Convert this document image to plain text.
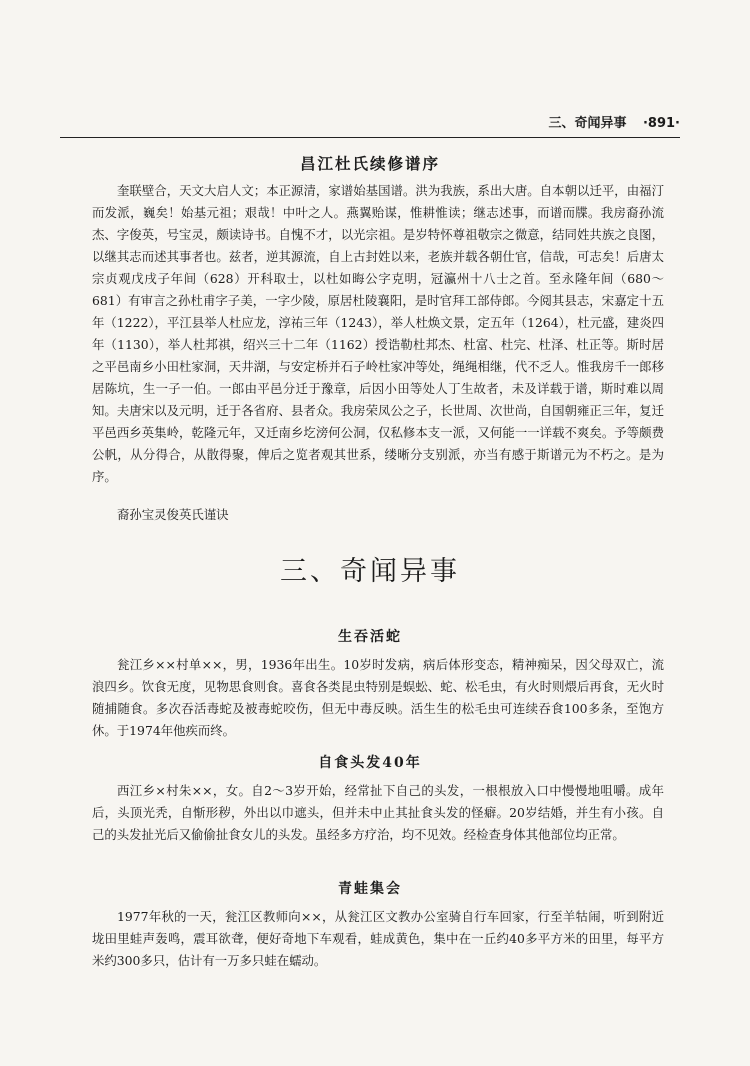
三、奇闻异事 ·891·
昌江杜氏续修谱序
奎联壁合，天文大启人文；本正源清，家谱始基国谱。洪为我族，系出大唐。自本朝以迁平，由福汀而发派，巍矣！始基元祖；艰哉！中叶之人。燕翼贻谋，惟耕惟读；继志述事，而谱而牒。我房裔孙流杰、字俊英，号宝灵，颇读诗书。自愧不才，以光宗祖。是岁特怀尊祖敬宗之微意，结同姓共族之良图，以继其志而述其事者也。兹者，逆其源流，自上古封姓以来，老族并载各朝仕官，信哉，可志矣！后唐太宗贞观戊戌子年间（628）开科取士，以杜如晦公字克明，冠瀛州十八士之首。至永隆年间（680～681）有审言之孙杜甫字子美，一字少陵，原居杜陵襄阳，是时官拜工部侍郎。今阅其县志，宋嘉定十五年（1222），平江县举人杜应龙，淳祐三年（1243），举人杜焕文景，定五年（1264），杜元盛，建炎四年（1130），举人杜邦祺，绍兴三十二年（1162）授诰勒杜邦杰、杜富、杜完、杜泽、杜正等。斯时居之平邑南乡小田杜家洞，天井湖，与安定桥并石子岭杜家冲等处，绳绳相继，代不乏人。惟我房千一郎移居陈坑，生一子一伯。一郎由平邑分迁于豫章，后因小田等处人丁生故者，未及详载于谱，斯时难以周知。夫唐宋以及元明，迁于各省府、县者众。我房荣凤公之子，长世周、次世尚，自国朝雍正三年，复迁平邑西乡英集岭，乾隆元年，又迁南乡圪滂何公洞，仅私修本支一派，又何能一一详载不爽矣。予等颇费公帆，从分得合，从散得聚，俾后之览者观其世系，缕晰分支别派，亦当有感于斯谱元为不朽之。是为序。
裔孙宝灵俊英氏谨诀
三、奇闻异事
生吞活蛇
瓮江乡××村单××，男，1936年出生。10岁时发病，病后体形变态，精神痴呆，因父母双亡，流浪四乡。饮食无度，见物思食则食。喜食各类昆虫特别是蜈蚣、蛇、松毛虫，有火时则煨后再食，无火时随捕随食。多次吞活毒蛇及被毒蛇咬伤，但无中毒反映。活生生的松毛虫可连续吞食100多条，至饱方休。于1974年他疾而终。
自食头发40年
西江乡×村朱××，女。自2～3岁开始，经常扯下自己的头发，一根根放入口中慢慢地咀嚼。成年后，头顶光秃，自惭形秽，外出以巾遮头，但并未中止其扯食头发的怪癖。20岁结婚，并生有小孩。自己的头发扯光后又偷偷扯食女儿的头发。虽经多方疗治，均不见效。经检查身体其他部位均正常。
青蛙集会
1977年秋的一天，瓮江区教师向××，从瓮江区文教办公室骑自行车回家，行至羊牯闹，听到附近垅田里蛙声轰鸣，震耳欲聋，便好奇地下车观看，蛙成黄色，集中在一丘约40多平方米的田里，每平方米约300多只，估计有一万多只蛙在蠕动。
